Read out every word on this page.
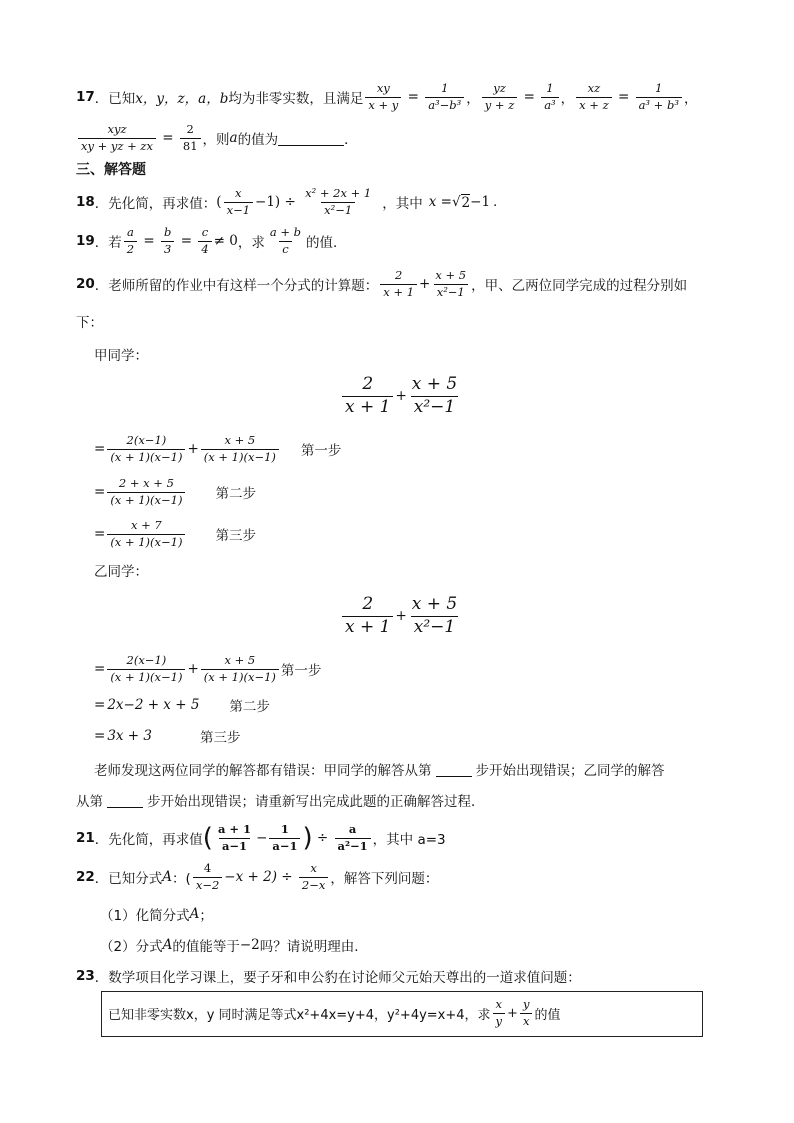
17 ．已知 x，y，z，a，b 均为非零实数，且满足 $\frac{xy}{x + y} = \frac{1}{\text{a³−b³}}$ ， $\frac{yz}{y + z} = \frac{1}{\text{a³}}$ ， $\frac{xz}{x + z} = \frac{1}{\text{a³ + b³}}$ ，
$\frac{\text{xyz}}{xy + yz + zx} = \frac{2}{81}$ ，则 a 的值为	．
三、解答题
18 ．先化简，再求值： ( $\frac{x}{x-1} -1) \div \frac{\text{x² + 2x + 1}}{\text{x²−1}}$ ，其中 x = √ 2 −1 .
19 ．若 $\frac{a}{2} = \frac{b}{3} = \frac{c}{4} \ne 0$ ，求 $\frac{a + b}{c}$ 的值．
20 ．老师所留的作业中有这样一个分式的计算题： $\frac{2}{x + 1} + \frac{x + 5}{\text{x²−1}}$ ，甲、乙两位同学完成的过程分别如
下：
甲同学：
$\frac{2}{x + 1} + \frac{x + 5}{\text{x²−1}}$
= $\frac{2(x-1)}{(x + 1)(x-1)} + \frac{x + 5}{(x + 1)(x-1)}$ 第一步
= $\frac{2 + x + 5}{(x + 1)(x-1)}$ 第二步
= $\frac{x + 7}{(x + 1)(x-1)}$ 第三步
乙同学：
$\frac{2}{x + 1} + \frac{x + 5}{\text{x²−1}}$
= $\frac{2(x-1)}{(x + 1)(x-1)} + \frac{x + 5}{(x + 1)(x-1)}$ 第一步
= 2x−2 + x + 5 第二步
= 3x + 3	第三步
老师发现这两位同学的解答都有错误：甲同学的解答从第	步开始出现错误；乙同学的解答
从第	步开始出现错误；请重新写出完成此题的正确解答过程．
21 ．先化简，再求值 ( $\frac{a + 1}{a-1} - \frac{1}{a-1}$ ) ÷ $\frac{a}{\text{a²−1}}$ ，其中 a=3
22 ．已知分式 A ：( $\frac{4}{x-2} -x + 2) \div \frac{x}{2-x}$ ，解答下列问题：
（1）化简分式 A ；
（2）分式 A 的值能等于 −2 吗？请说明理由．
23 ．数学项目化学习课上，要子牙和申公豹在讨论师父元始天尊出的一道求值问题：
已知非零实数x，y 同时满足等式x²+4x=y+4，y²+4y=x+4，求 $\frac{x}{y} + \frac{y}{x}$ 的值
